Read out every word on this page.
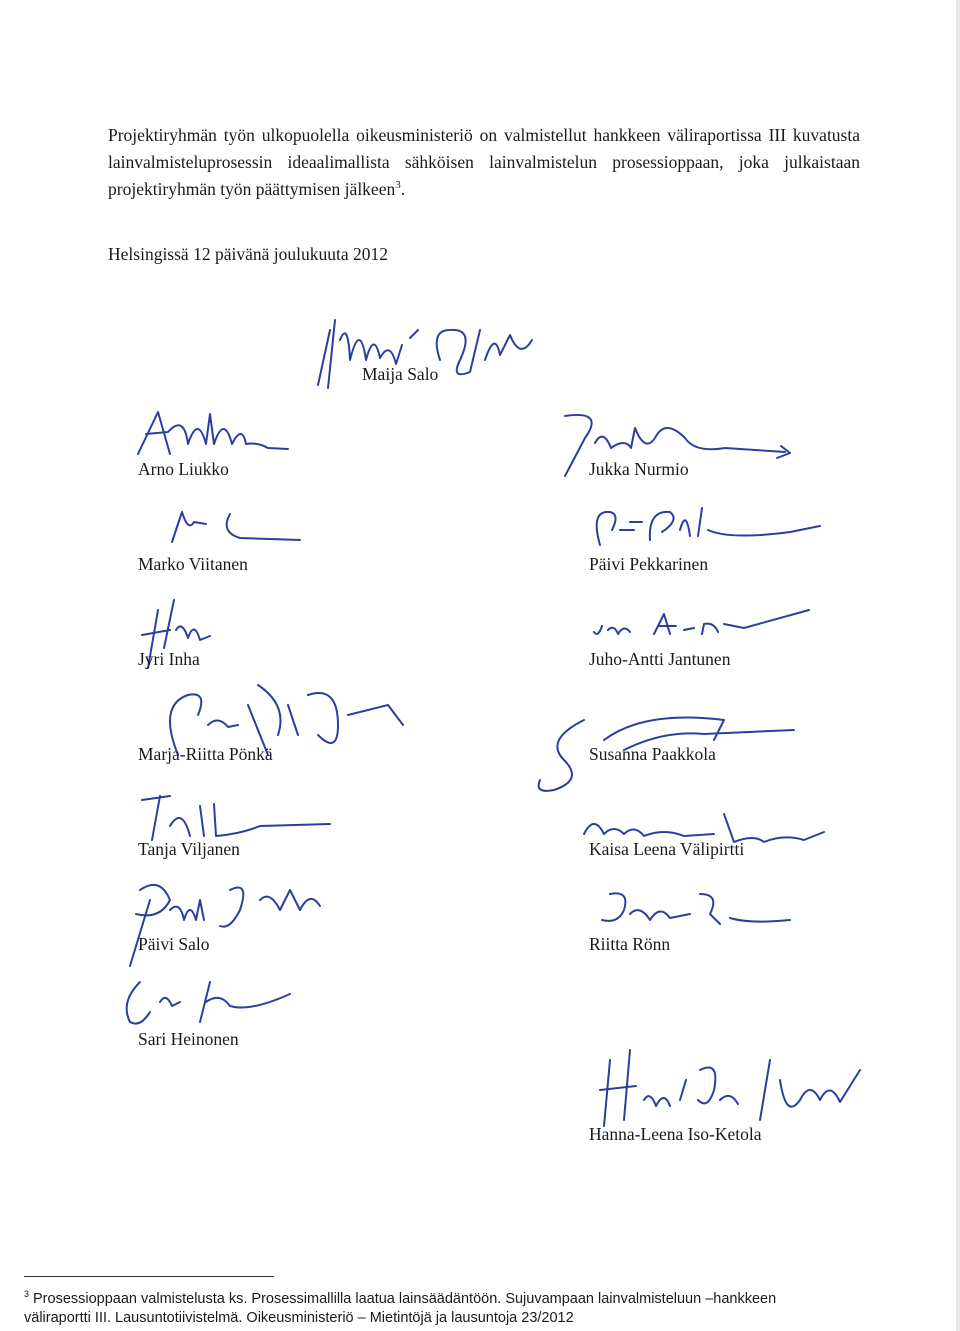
Projektiryhmän työn ulkopuolella oikeusministeriö on valmistellut hankkeen väliraportissa III kuvatusta lainvalmisteluprosessin ideaalimallista sähköisen lainvalmistelun prosessioppaan, joka julkaistaan projektiryhmän työn päättymisen jälkeen$^3$.

Helsingissä 12 päivänä joulukuuta 2012
Maija Salo
Arno Liukko	Jukka Nurmio
Marko Viitanen	Päivi Pekkarinen
Jyri Inha	Juho-Antti Jantunen
Marja-Riitta Pönkä	Susanna Paakkola
Tanja Viljanen	Kaisa Leena Välipirtti
Päivi Salo	Riitta Rönn
Sari Heinonen
Hanna-Leena Iso-Ketola
$^3$ Prosessioppaan valmistelusta ks. Prosessimallilla laatua lainsäädäntöön. Sujuvampaan lainvalmisteluun –hankkeen väliraportti III. Lausuntotiivistelmä. Oikeusministeriö – Mietintöjä ja lausuntoja 23/2012
